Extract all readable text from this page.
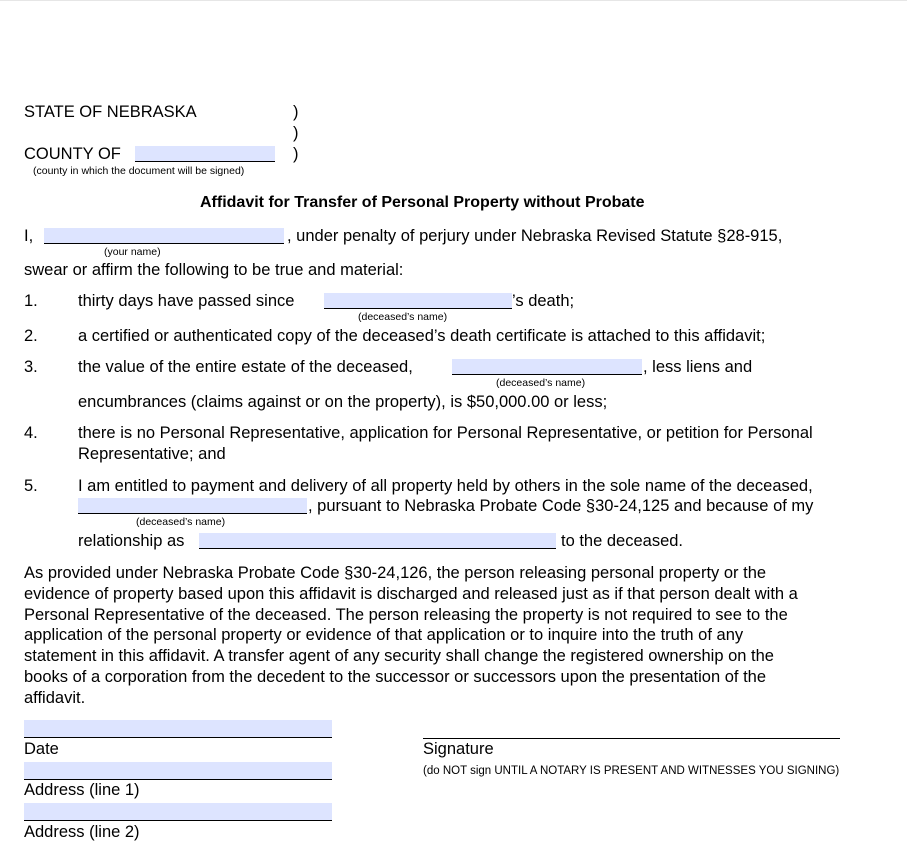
STATE OF NEBRASKA	)
)
)
COUNTY OF
(county in which the document will be signed)
Affidavit for Transfer of Personal Property without Probate
I,	, under penalty of perjury under Nebraska Revised Statute §28-915,
(your name)
swear or affirm the following to be true and material:
1. thirty days have passed since	’s death;
(deceased’s name)
2. a certified or authenticated copy of the deceased’s death certificate is attached to this affidavit;
3. the value of the entire estate of the deceased,	, less liens and
(deceased’s name)
encumbrances (claims against or on the property), is $50,000.00 or less;
4. there is no Personal Representative, application for Personal Representative, or petition for Personal
Representative; and
5. I am entitled to payment and delivery of all property held by others in the sole name of the deceased,
, pursuant to Nebraska Probate Code §30-24,125 and because of my
(deceased’s name)
relationship as	to the deceased.
As provided under Nebraska Probate Code §30-24,126, the person releasing personal property or the
evidence of property based upon this affidavit is discharged and released just as if that person dealt with a
Personal Representative of the deceased. The person releasing the property is not required to see to the
application of the personal property or evidence of that application or to inquire into the truth of any
statement in this affidavit. A transfer agent of any security shall change the registered ownership on the
books of a corporation from the decedent to the successor or successors upon the presentation of the
affidavit.
Date	Signature
(do NOT sign UNTIL A NOTARY IS PRESENT AND WITNESSES YOU SIGNING)
Address (line 1)
Address (line 2)
